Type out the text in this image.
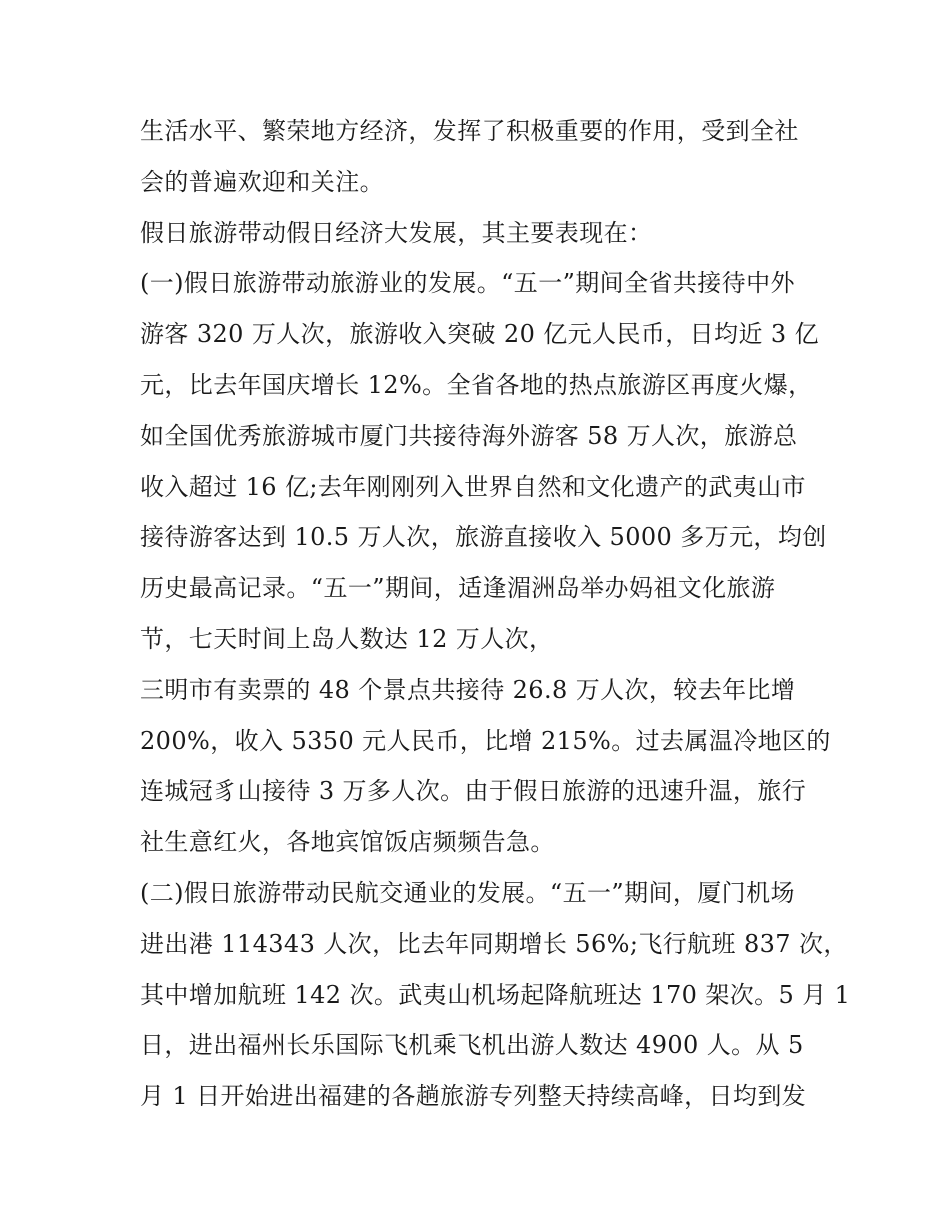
生活水平、繁荣地方经济，发挥了积极重要的作用，受到全社
会的普遍欢迎和关注。
假日旅游带动假日经济大发展，其主要表现在：
(一)假日旅游带动旅游业的发展。“五一”期间全省共接待中外
游客 320 万人次，旅游收入突破 20 亿元人民币，日均近 3 亿
元，比去年国庆增长 12%。全省各地的热点旅游区再度火爆，
如全国优秀旅游城市厦门共接待海外游客 58 万人次，旅游总
收入超过 16 亿;去年刚刚列入世界自然和文化遗产的武夷山市
接待游客达到 10.5 万人次，旅游直接收入 5000 多万元，均创
历史最高记录。“五一”期间，适逢湄洲岛举办妈祖文化旅游
节，七天时间上岛人数达 12 万人次，
三明市有卖票的 48 个景点共接待 26.8 万人次，较去年比增
200%，收入 5350 元人民币，比增 215%。过去属温冷地区的
连城冠豸山接待 3 万多人次。由于假日旅游的迅速升温，旅行
社生意红火，各地宾馆饭店频频告急。
(二)假日旅游带动民航交通业的发展。“五一”期间，厦门机场
进出港 114343 人次，比去年同期增长 56%;飞行航班 837 次，
其中增加航班 142 次。武夷山机场起降航班达 170 架次。5 月 1
日，进出福州长乐国际飞机乘飞机出游人数达 4900 人。从 5
月 1 日开始进出福建的各趟旅游专列整天持续高峰，日均到发
